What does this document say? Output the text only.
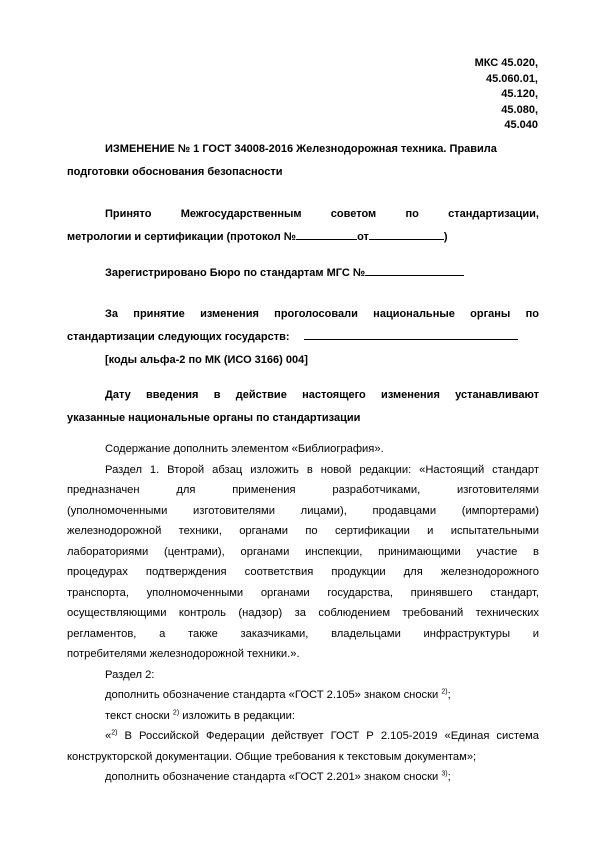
МКС 45.020,
45.060.01,
45.120,
45.080,
45.040
ИЗМЕНЕНИЕ № 1 ГОСТ 34008-2016 Железнодорожная техника. Правила
подготовки обоснования безопасности
Принято Межгосударственным советом по стандартизации,
метрологии и сертификации (протокол №	от	)
Зарегистрировано Бюро по стандартам МГС №
За принятие изменения проголосовали национальные органы по
стандартизации следующих государств:
[коды альфа-2 по МК (ИСО 3166) 004]
Дату введения в действие настоящего изменения устанавливают
указанные национальные органы по стандартизации
Содержание дополнить элементом «Библиография».
Раздел 1. Второй абзац изложить в новой редакции: «Настоящий стандарт
предназначен для применения разработчиками, изготовителями
(уполномоченными изготовителями лицами), продавцами (импортерами)
железнодорожной техники, органами по сертификации и испытательными
лабораториями (центрами), органами инспекции, принимающими участие в
процедурах подтверждения соответствия продукции для железнодорожного
транспорта, уполномоченными органами государства, принявшего стандарт,
осуществляющими контроль (надзор) за соблюдением требований технических
регламентов, а также заказчиками, владельцами инфраструктуры и
потребителями железнодорожной техники.».
Раздел 2:
дополнить обозначение стандарта «ГОСТ 2.105» знаком сноски $^{2)}$;
текст сноски $^{2)}$ изложить в редакции:
«$^{2)}$ В Российской Федерации действует ГОСТ Р 2.105-2019 «Единая система
конструкторской документации. Общие требования к текстовым документам»;
дополнить обозначение стандарта «ГОСТ 2.201» знаком сноски $^{3)}$;
